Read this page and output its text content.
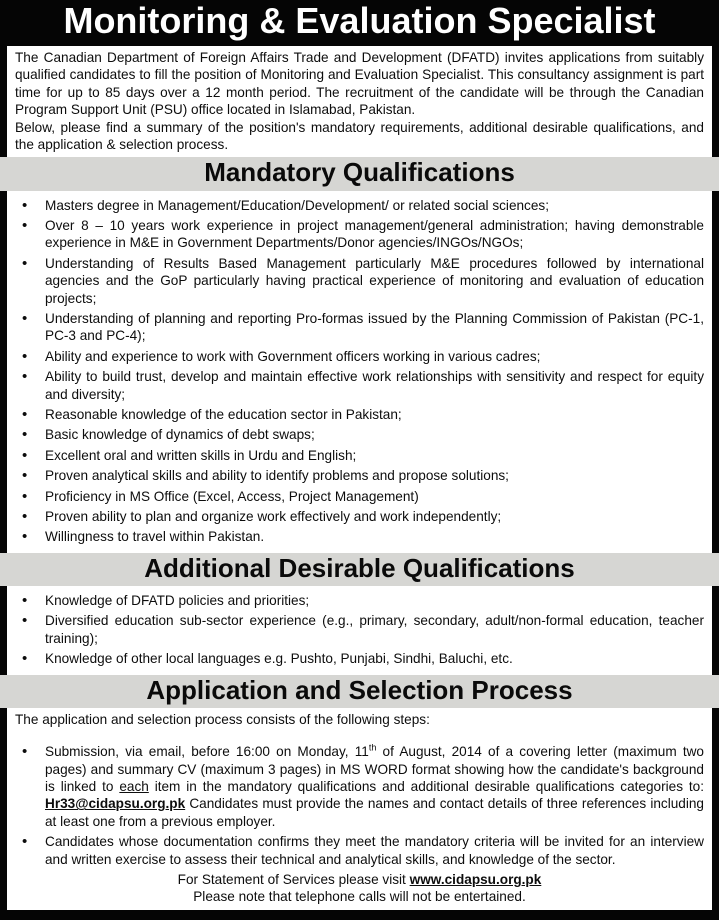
Monitoring & Evaluation Specialist

The Canadian Department of Foreign Affairs Trade and Development (DFATD) invites applications from suitably qualified candidates to fill the position of Monitoring and Evaluation Specialist. This consultancy assignment is part time for up to 85 days over a 12 month period. The recruitment of the candidate will be through the Canadian Program Support Unit (PSU) office located in Islamabad, Pakistan.

Below, please find a summary of the position's mandatory requirements, additional desirable qualifications, and the application & selection process.

Mandatory Qualifications
• Masters degree in Management/Education/Development/ or related social sciences;
• Over 8 – 10 years work experience in project management/general administration; having demonstrable experience in M&E in Government Departments/Donor agencies/INGOs/NGOs;
• Understanding of Results Based Management particularly M&E procedures followed by international agencies and the GoP particularly having practical experience of monitoring and evaluation of education projects;
• Understanding of planning and reporting Pro-formas issued by the Planning Commission of Pakistan (PC-1, PC-3 and PC-4);
• Ability and experience to work with Government officers working in various cadres;
• Ability to build trust, develop and maintain effective work relationships with sensitivity and respect for equity and diversity;
• Reasonable knowledge of the education sector in Pakistan;
• Basic knowledge of dynamics of debt swaps;
• Excellent oral and written skills in Urdu and English;
• Proven analytical skills and ability to identify problems and propose solutions;
• Proficiency in MS Office (Excel, Access, Project Management)
• Proven ability to plan and organize work effectively and work independently;
• Willingness to travel within Pakistan.
Additional Desirable Qualifications
• Knowledge of DFATD policies and priorities;
• Diversified education sub-sector experience (e.g., primary, secondary, adult/non-formal education, teacher training);
• Knowledge of other local languages e.g. Pushto, Punjabi, Sindhi, Baluchi, etc.
Application and Selection Process

The application and selection process consists of the following steps:

• Submission, via email, before 16:00 on Monday, 11th of August, 2014 of a covering letter (maximum two pages) and summary CV (maximum 3 pages) in MS WORD format showing how the candidate's background is linked to each item in the mandatory qualifications and additional desirable qualifications categories to: Hr33@cidapsu.org.pk Candidates must provide the names and contact details of three references including at least one from a previous employer.
• Candidates whose documentation confirms they meet the mandatory criteria will be invited for an interview and written exercise to assess their technical and analytical skills, and knowledge of the sector.

For Statement of Services please visit www.cidapsu.org.pk

Please note that telephone calls will not be entertained.
